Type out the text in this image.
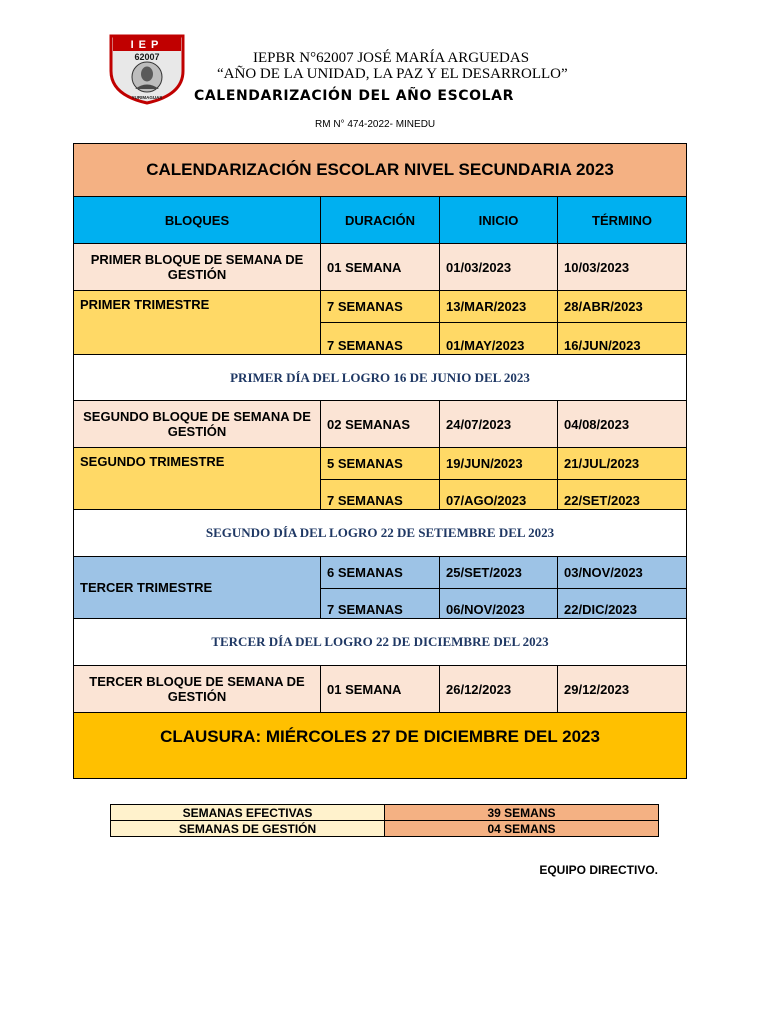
IEP
62007
YURIMAGUAS
IEPBR N°62007 JOSÉ MARÍA ARGUEDAS
“AÑO DE LA UNIDAD, LA PAZ Y EL DESARROLLO”
CALENDARIZACIÓN DEL AÑO ESCOLAR
RM N° 474-2022- MINEDU
CALENDARIZACIÓN ESCOLAR NIVEL SECUNDARIA 2023			
BLOQUES	DURACIÓN	INICIO	TÉRMINO
PRIMER BLOQUE DE SEMANA DE GESTIÓN	01 SEMANA	01/03/2023	10/03/2023
PRIMER TRIMESTRE	7 SEMANAS	13/MAR/2023	28/ABR/2023
	7 SEMANAS	01/MAY/2023	16/JUN/2023
PRIMER DÍA DEL LOGRO 16 DE JUNIO DEL 2023			
SEGUNDO BLOQUE DE SEMANA DE GESTIÓN	02 SEMANAS	24/07/2023	04/08/2023
SEGUNDO TRIMESTRE	5 SEMANAS	19/JUN/2023	21/JUL/2023
	7 SEMANAS	07/AGO/2023	22/SET/2023
SEGUNDO DÍA DEL LOGRO 22 DE SETIEMBRE DEL 2023			
TERCER TRIMESTRE	6 SEMANAS	25/SET/2023	03/NOV/2023
	7 SEMANAS	06/NOV/2023	22/DIC/2023
TERCER DÍA DEL LOGRO 22 DE DICIEMBRE DEL 2023			
TERCER BLOQUE DE SEMANA DE GESTIÓN	01 SEMANA	26/12/2023	29/12/2023
CLAUSURA: MIÉRCOLES 27 DE DICIEMBRE DEL 2023			
SEMANAS EFECTIVAS	39 SEMANS
SEMANAS DE GESTIÓN	04 SEMANS
EQUIPO DIRECTIVO.
